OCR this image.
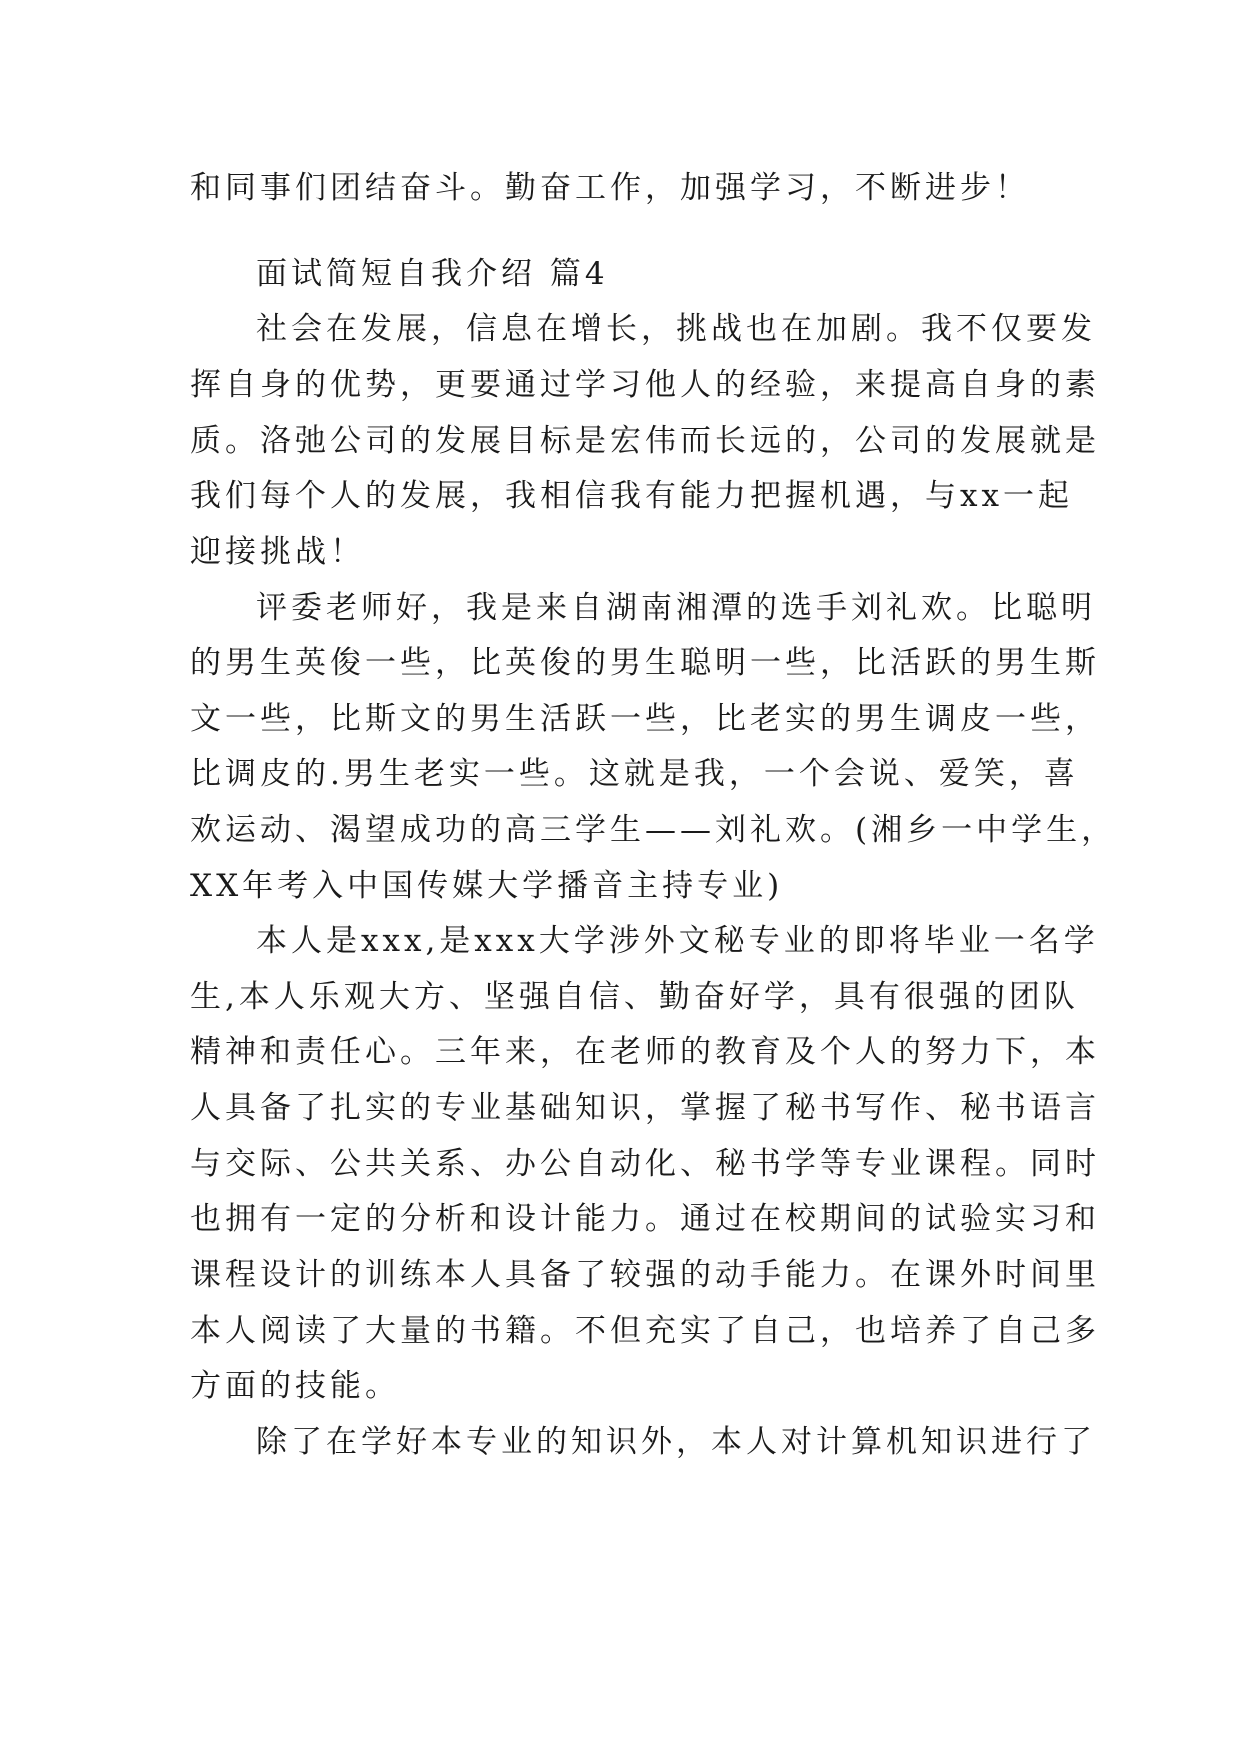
和同事们团结奋斗。勤奋工作，加强学习，不断进步！
面试简短自我介绍 篇4
社会在发展，信息在增长，挑战也在加剧。我不仅要发
挥自身的优势，更要通过学习他人的经验，来提高自身的素
质。洛弛公司的发展目标是宏伟而长远的，公司的发展就是
我们每个人的发展，我相信我有能力把握机遇，与xx一起
迎接挑战！
评委老师好，我是来自湖南湘潭的选手刘礼欢。比聪明
的男生英俊一些，比英俊的男生聪明一些，比活跃的男生斯
文一些，比斯文的男生活跃一些，比老实的男生调皮一些，
比调皮的.男生老实一些。这就是我，一个会说、爱笑，喜
欢运动、渴望成功的高三学生——刘礼欢。(湘乡一中学生，
XX年考入中国传媒大学播音主持专业)
本人是xxx,是xxx大学涉外文秘专业的即将毕业一名学
生,本人乐观大方、坚强自信、勤奋好学，具有很强的团队
精神和责任心。三年来，在老师的教育及个人的努力下，本
人具备了扎实的专业基础知识，掌握了秘书写作、秘书语言
与交际、公共关系、办公自动化、秘书学等专业课程。同时
也拥有一定的分析和设计能力。通过在校期间的试验实习和
课程设计的训练本人具备了较强的动手能力。在课外时间里
本人阅读了大量的书籍。不但充实了自己，也培养了自己多
方面的技能。
除了在学好本专业的知识外，本人对计算机知识进行了
